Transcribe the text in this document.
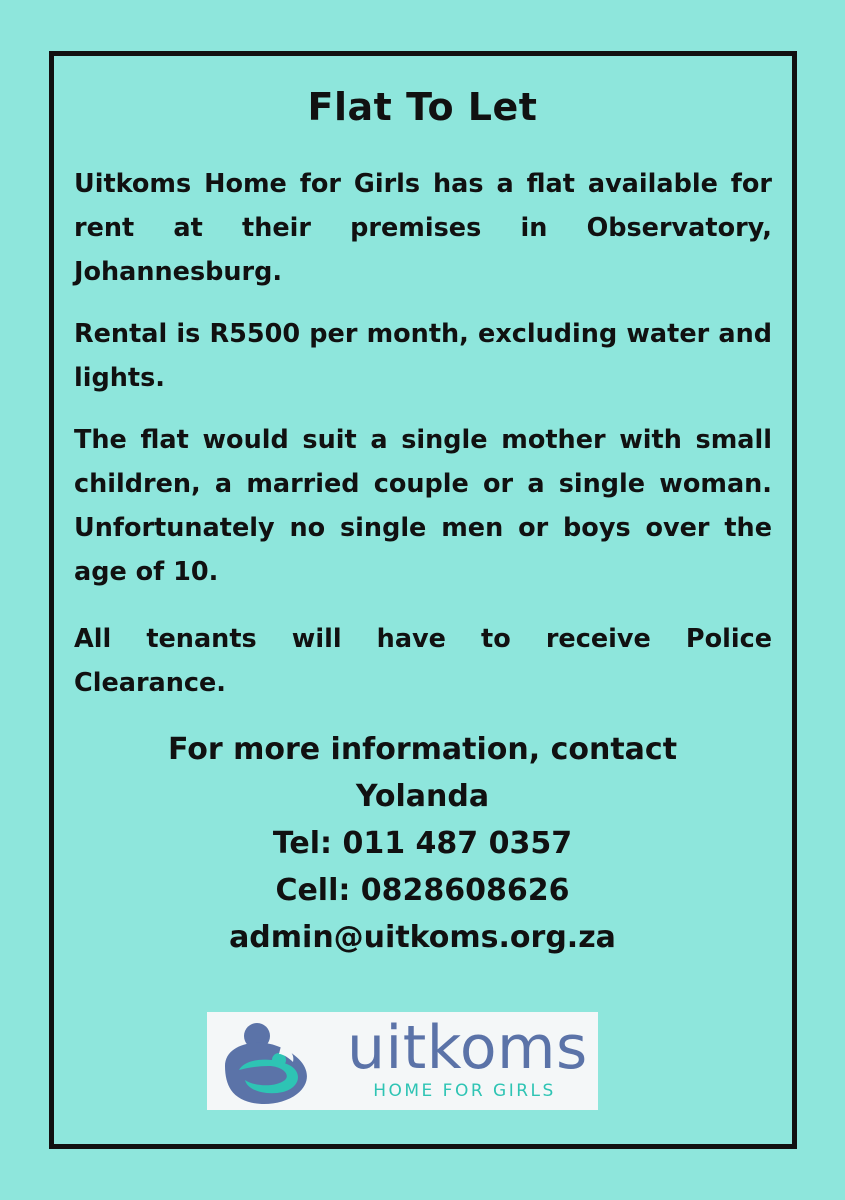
Flat To Let

Uitkoms Home for Girls has a flat available for rent at their premises in Observatory, Johannesburg.

Rental is R5500 per month, excluding water and lights.

The flat would suit a single mother with small children, a married couple or a single woman. Unfortunately no single men or boys over the age of 10.

All tenants will have to receive Police Clearance.

For more information, contact

Yolanda

Tel: 011 487 0357

Cell: 0828608626

admin@uitkoms.org.za

uitkoms
HOME FOR GIRLS
